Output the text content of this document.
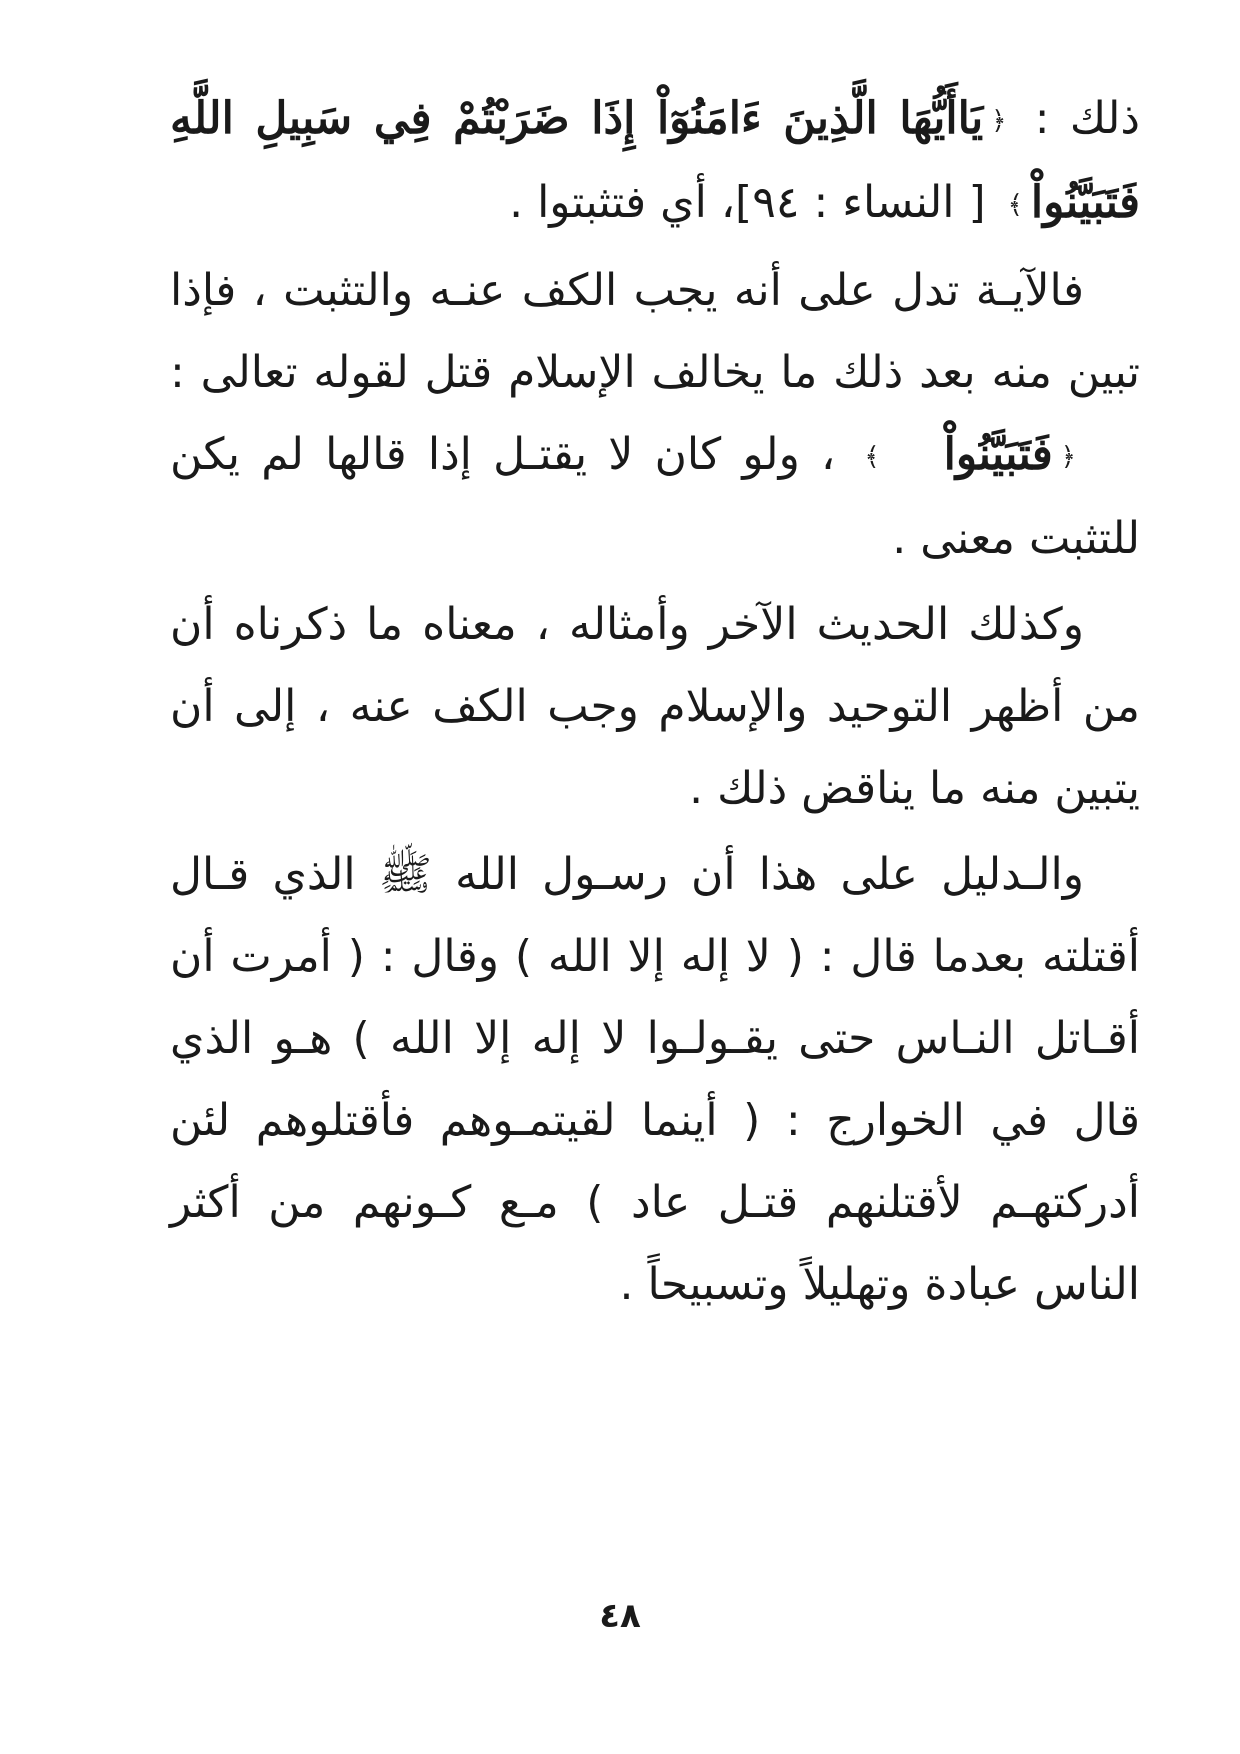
ذلك : ﴿يَاأَيُّهَا الَّذِينَ ءَامَنُوٓاْ إِذَا ضَرَبْتُمْ فِي سَبِيلِ اللَّهِ فَتَبَيَّنُواْ﴾ [ النساء : ٩٤]، أي فتثبتوا .

فالآيـة تدل على أنه يجب الكف عنـه والتثبت ، فإذا تبين منه بعد ذلك ما يخالف الإسلام قتل لقوله تعالى : ﴿فَتَبَيَّنُواْ﴾ ، ولو كان لا يقتـل إذا قالها لم يكن للتثبت معنى .

وكذلك الحديث الآخر وأمثاله ، معناه ما ذكرناه أن من أظهر التوحيد والإسلام وجب الكف عنه ، إلى أن يتبين منه ما يناقض ذلك .

والـدليل على هذا أن رسـول الله ﷺ الذي قـال أقتلته بعدما قال : ( لا إله إلا الله ) وقال : ( أمرت أن أقـاتل النـاس حتى يقـولـوا لا إله إلا الله ) هـو الذي قال في الخوارج : ( أينما لقيتمـوهم فأقتلوهم لئن أدركتهـم لأقتلنهم قتـل عاد ) مـع كـونهم من أكثر الناس عبادة وتهليلاً وتسبيحاً .

٤٨
